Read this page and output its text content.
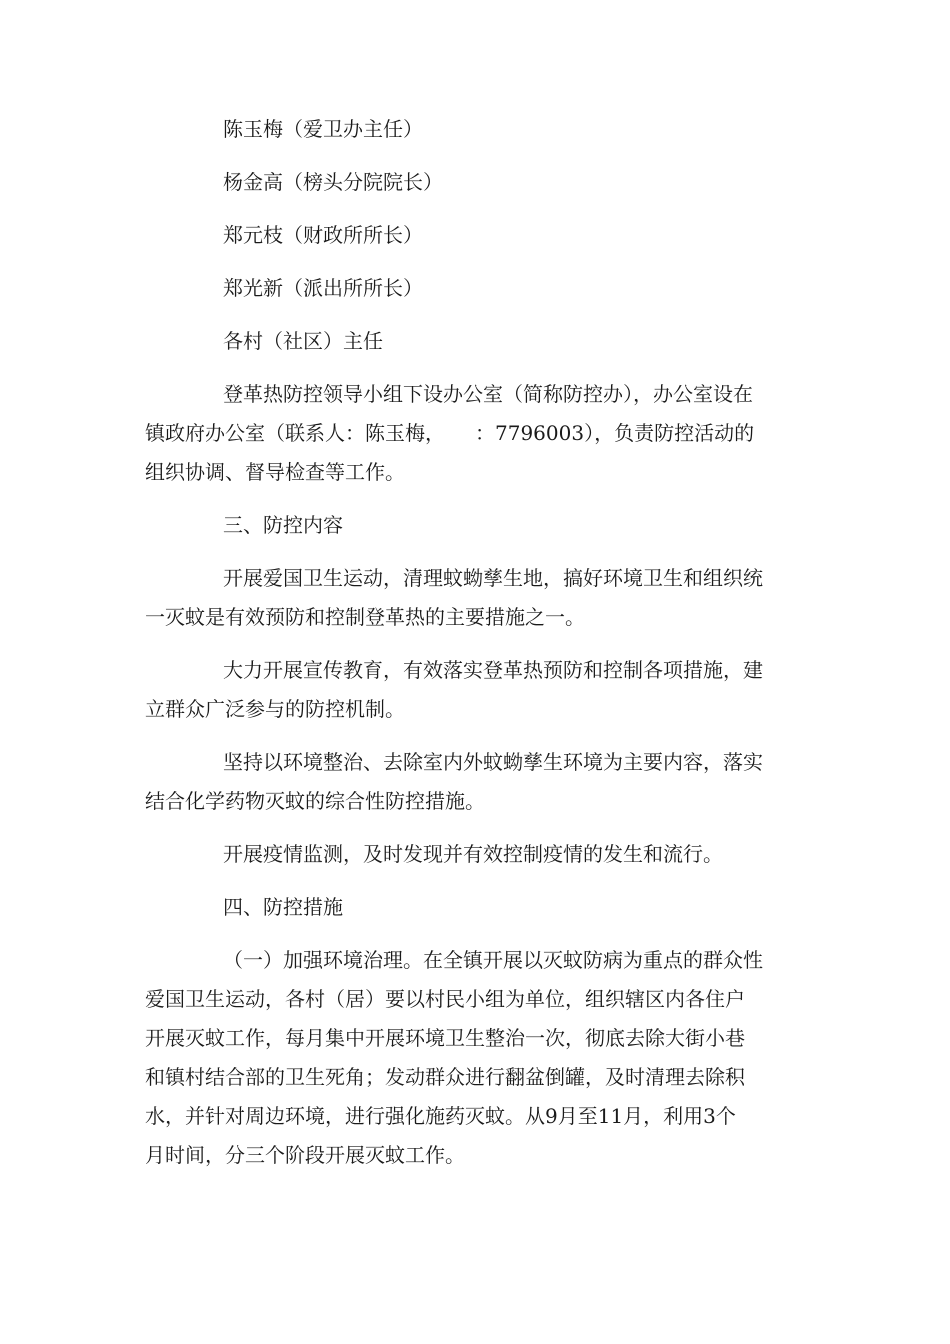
陈玉梅（爱卫办主任）
杨金高（榜头分院院长）
郑元枝（财政所所长）
郑光新（派出所所长）
各村（社区）主任
登革热防控领导小组下设办公室（简称防控办），办公室设在
镇政府办公室（联系人：陈玉梅，　　：7796003），负责防控活动的
组织协调、督导检查等工作。
三、防控内容
开展爱国卫生运动，清理蚊蚴孳生地，搞好环境卫生和组织统
一灭蚊是有效预防和控制登革热的主要措施之一。
大力开展宣传教育，有效落实登革热预防和控制各项措施，建
立群众广泛参与的防控机制。
坚持以环境整治、去除室内外蚊蚴孳生环境为主要内容，落实
结合化学药物灭蚊的综合性防控措施。
开展疫情监测，及时发现并有效控制疫情的发生和流行。
四、防控措施
（一）加强环境治理。在全镇开展以灭蚊防病为重点的群众性
爱国卫生运动，各村（居）要以村民小组为单位，组织辖区内各住户
开展灭蚊工作，每月集中开展环境卫生整治一次，彻底去除大街小巷
和镇村结合部的卫生死角；发动群众进行翻盆倒罐，及时清理去除积
水，并针对周边环境，进行强化施药灭蚊。从9月至11月，利用3个
月时间，分三个阶段开展灭蚊工作。
